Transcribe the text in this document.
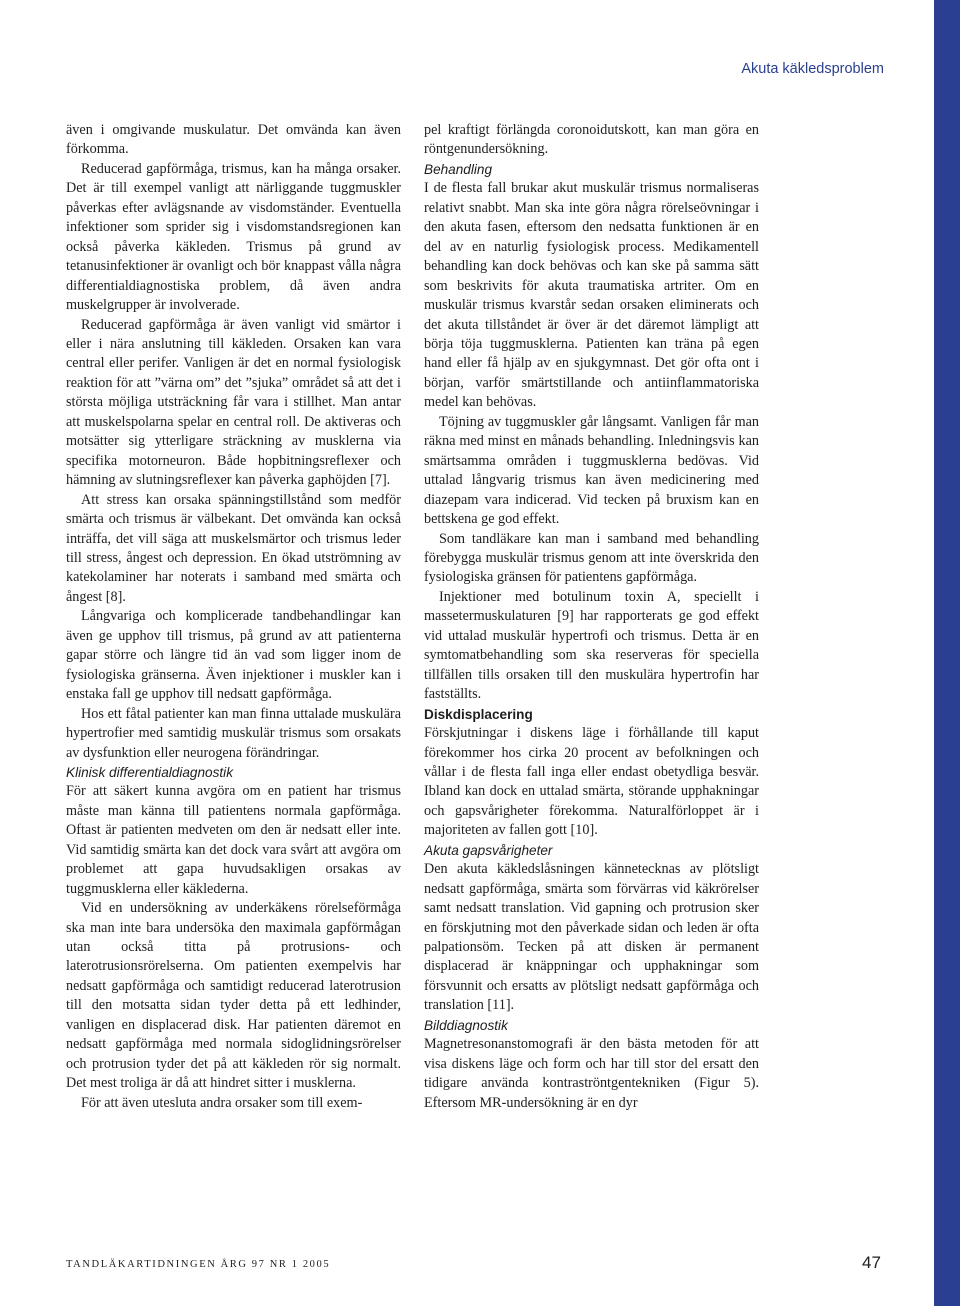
Akuta käkledsproblem

även i omgivande muskulatur. Det omvända kan även förkomma.

Reducerad gapförmåga, trismus, kan ha många orsaker. Det är till exempel vanligt att närliggande tuggmuskler påverkas efter avlägsnande av visdomständer. Eventuella infektioner som sprider sig i visdomstandsregionen kan också påverka käkleden. Trismus på grund av tetanusinfektioner är ovanligt och bör knappast vålla några differentialdiagnostiska problem, då även andra muskelgrupper är involverade.

Reducerad gapförmåga är även vanligt vid smärtor i eller i nära anslutning till käkleden. Orsaken kan vara central eller perifer. Vanligen är det en normal fysiologisk reaktion för att ”värna om” det ”sjuka” området så att det i största möjliga utsträckning får vara i stillhet. Man antar att muskelspolarna spelar en central roll. De aktiveras och motsätter sig ytterligare sträckning av musklerna via specifika motorneuron. Både hopbitningsreflexer och hämning av slutningsreflexer kan påverka gaphöjden [7].

Att stress kan orsaka spänningstillstånd som medför smärta och trismus är välbekant. Det omvända kan också inträffa, det vill säga att muskelsmärtor och trismus leder till stress, ångest och depression. En ökad utströmning av katekolaminer har noterats i samband med smärta och ångest [8].

Långvariga och komplicerade tandbehandlingar kan även ge upphov till trismus, på grund av att patienterna gapar större och längre tid än vad som ligger inom de fysiologiska gränserna. Även injektioner i muskler kan i enstaka fall ge upphov till nedsatt gapförmåga.

Hos ett fåtal patienter kan man finna uttalade muskulära hypertrofier med samtidig muskulär trismus som orsakats av dysfunktion eller neurogena förändringar.

Klinisk differentialdiagnostik

För att säkert kunna avgöra om en patient har trismus måste man känna till patientens normala gapförmåga. Oftast är patienten medveten om den är nedsatt eller inte. Vid samtidig smärta kan det dock vara svårt att avgöra om problemet att gapa huvudsakligen orsakas av tuggmusklerna eller käklederna.

Vid en undersökning av underkäkens rörelseförmåga ska man inte bara undersöka den maximala gapförmågan utan också titta på protrusions- och laterotrusionsrörelserna. Om patienten exempelvis har nedsatt gapförmåga och samtidigt reducerad laterotrusion till den motsatta sidan tyder detta på ett ledhinder, vanligen en displacerad disk. Har patienten däremot en nedsatt gapförmåga med normala sidoglidningsrörelser och protrusion tyder det på att käkleden rör sig normalt. Det mest troliga är då att hindret sitter i musklerna.

För att även utesluta andra orsaker som till exem-

pel kraftigt förlängda coronoidutskott, kan man göra en röntgenundersökning.

Behandling

I de flesta fall brukar akut muskulär trismus normaliseras relativt snabbt. Man ska inte göra några rörelseövningar i den akuta fasen, eftersom den nedsatta funktionen är en del av en naturlig fysiologisk process. Medikamentell behandling kan dock behövas och kan ske på samma sätt som beskrivits för akuta traumatiska artriter. Om en muskulär trismus kvarstår sedan orsaken eliminerats och det akuta tillståndet är över är det däremot lämpligt att börja töja tuggmusklerna. Patienten kan träna på egen hand eller få hjälp av en sjukgymnast. Det gör ofta ont i början, varför smärtstillande och antiinflammatoriska medel kan behövas.

Töjning av tuggmuskler går långsamt. Vanligen får man räkna med minst en månads behandling. Inledningsvis kan smärtsamma områden i tuggmusklerna bedövas. Vid uttalad långvarig trismus kan även medicinering med diazepam vara indicerad. Vid tecken på bruxism kan en bettskena ge god effekt.

Som tandläkare kan man i samband med behandling förebygga muskulär trismus genom att inte överskrida den fysiologiska gränsen för patientens gapförmåga.

Injektioner med botulinum toxin A, speciellt i massetermuskulaturen [9] har rapporterats ge god effekt vid uttalad muskulär hypertrofi och trismus. Detta är en symtomatbehandling som ska reserveras för speciella tillfällen tills orsaken till den muskulära hypertrofin har fastställts.

Diskdisplacering

Förskjutningar i diskens läge i förhållande till kaput förekommer hos cirka 20 procent av befolkningen och vållar i de flesta fall inga eller endast obetydliga besvär. Ibland kan dock en uttalad smärta, störande upphakningar och gapsvårigheter förekomma. Naturalförloppet är i majoriteten av fallen gott [10].

Akuta gapsvårigheter

Den akuta käkledslåsningen kännetecknas av plötsligt nedsatt gapförmåga, smärta som förvärras vid käkrörelser samt nedsatt translation. Vid gapning och protrusion sker en förskjutning mot den påverkade sidan och leden är ofta palpationsöm. Tecken på att disken är permanent displacerad är knäppningar och upphakningar som försvunnit och ersatts av plötsligt nedsatt gapförmåga och translation [11].

Bilddiagnostik

Magnetresonanstomografi är den bästa metoden för att visa diskens läge och form och har till stor del ersatt den tidigare använda kontraströntgentekniken (Figur 5). Eftersom MR-undersökning är en dyr

TANDLÄKARTIDNINGEN ÅRG 97 NR 1 2005	47
